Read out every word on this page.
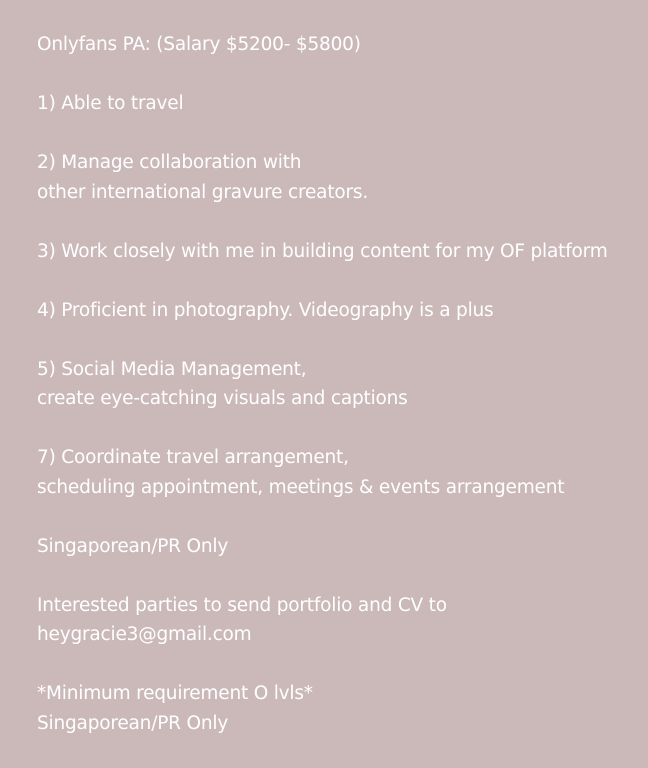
Onlyfans PA: (Salary $5200- $5800)

1) Able to travel

2) Manage collaboration with
other international gravure creators.

3) Work closely with me in building content for my OF platform

4) Proficient in photography. Videography is a plus

5) Social Media Management,
create eye-catching visuals and captions

7) Coordinate travel arrangement,
scheduling appointment, meetings & events arrangement

Singaporean/PR Only

Interested parties to send portfolio and CV to
heygracie3@gmail.com

*Minimum requirement O lvls*
Singaporean/PR Only
